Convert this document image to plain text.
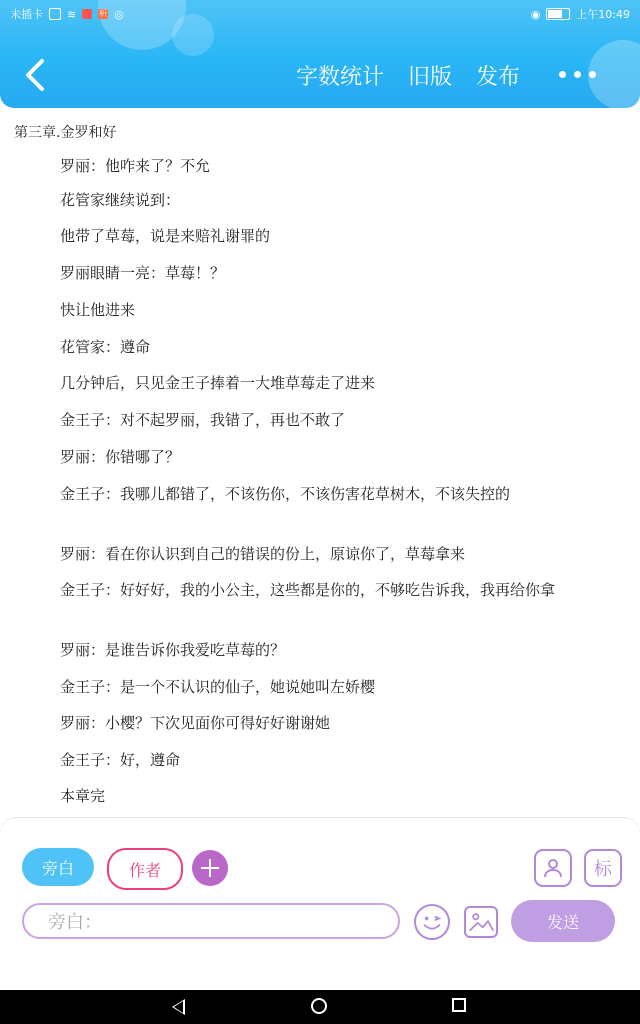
未插卡 ≋	听 ◎	◉	上午10:49
字数统计 旧版 发布
第三章.金罗和好
罗丽：他咋来了？不允
花管家继续说到：
他带了草莓，说是来赔礼谢罪的
罗丽眼睛一亮：草莓！？
快让他进来
花管家：遵命
几分钟后，只见金王子捧着一大堆草莓走了进来
金王子：对不起罗丽，我错了，再也不敢了
罗丽：你错哪了？
金王子：我哪儿都错了，不该伤你，不该伤害花草树木，不该失控的
罗丽：看在你认识到自己的错误的份上，原谅你了，草莓拿来
金王子：好好好，我的小公主，这些都是你的，不够吃告诉我，我再给你拿
罗丽：是谁告诉你我爱吃草莓的？
金王子：是一个不认识的仙子，她说她叫左娇樱
罗丽：小樱？下次见面你可得好好谢谢她
金王子：好，遵命
本章完
旁白	作者	标
旁白：	发送
